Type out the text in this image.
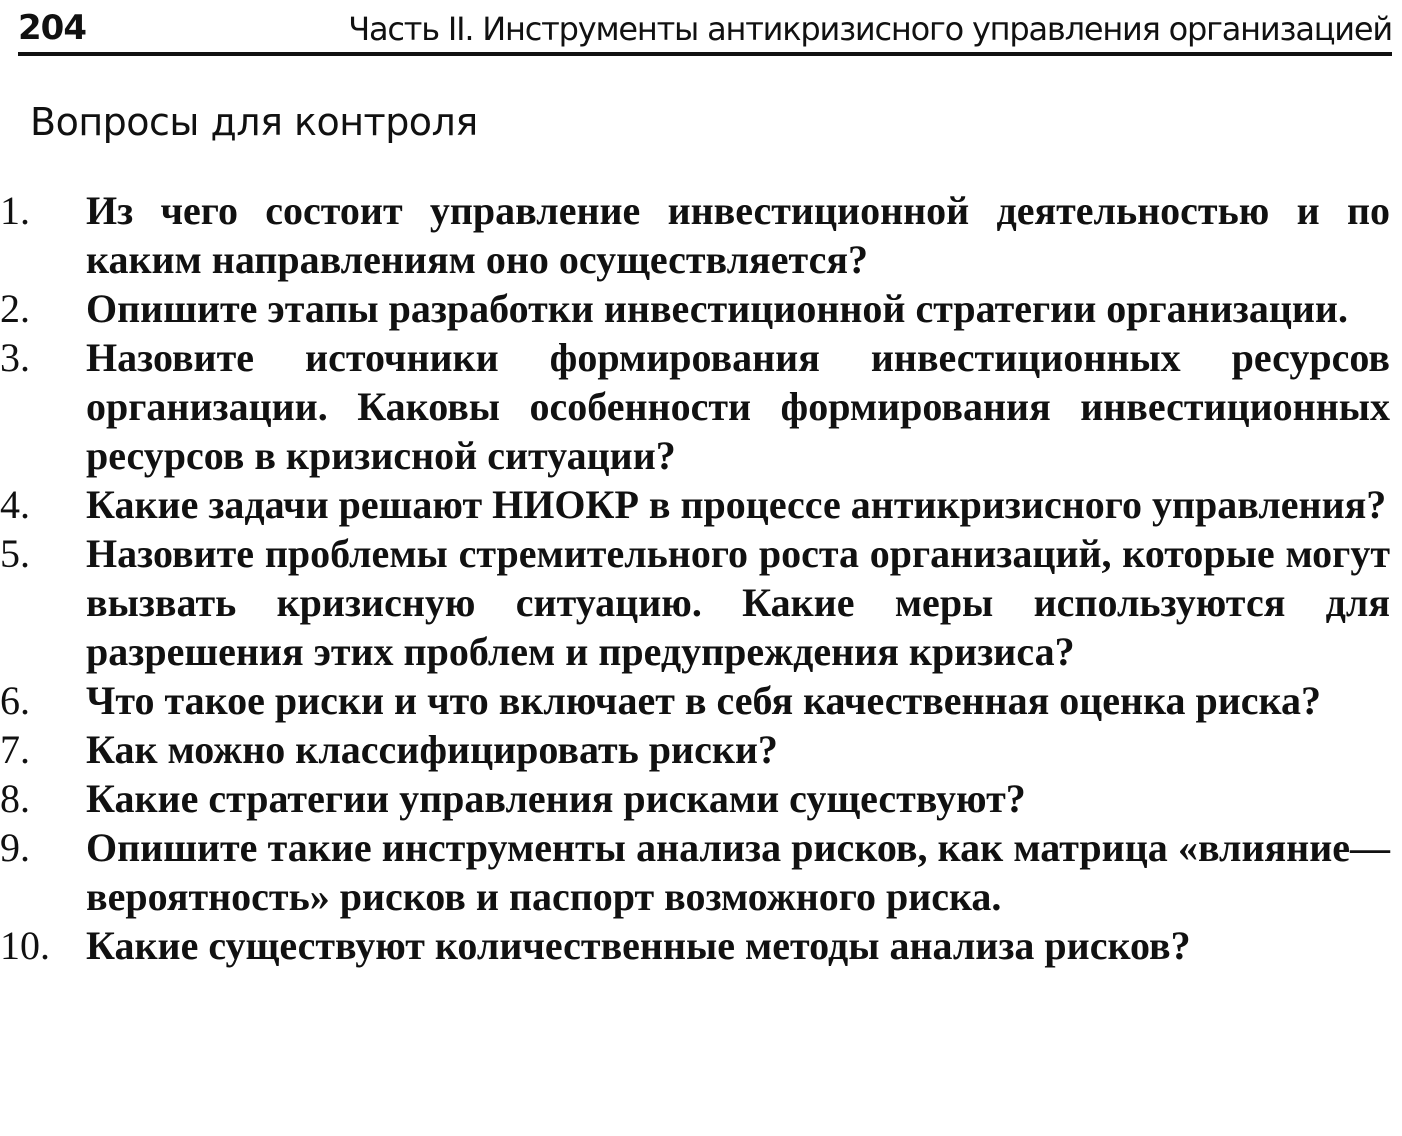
204	Часть II. Инструменты антикризисного управления организацией
Вопросы для контроля
1.	Из чего состоит управление инвестиционной деятельностью и по каким направлениям оно осуществляется?
2.	Опишите этапы разработки инвестиционной стратегии организации.
3.	Назовите источники формирования инвестиционных ресурсов организации. Каковы особенности формирования инвестиционных ресурсов в кризисной ситуации?
4.	Какие задачи решают НИОКР в процессе антикризисного управления?
5.	Назовите проблемы стремительного роста организаций, которые могут вызвать кризисную ситуацию. Какие меры используются для разрешения этих проблем и предупреждения кризиса?
6.	Что такое риски и что включает в себя качественная оценка риска?
7.	Как можно классифицировать риски?
8.	Какие стратегии управления рисками существуют?
9.	Опишите такие инструменты анализа рисков, как матрица «влияние—вероятность» рисков и паспорт возможного риска.
10. Какие существуют количественные методы анализа рисков?
